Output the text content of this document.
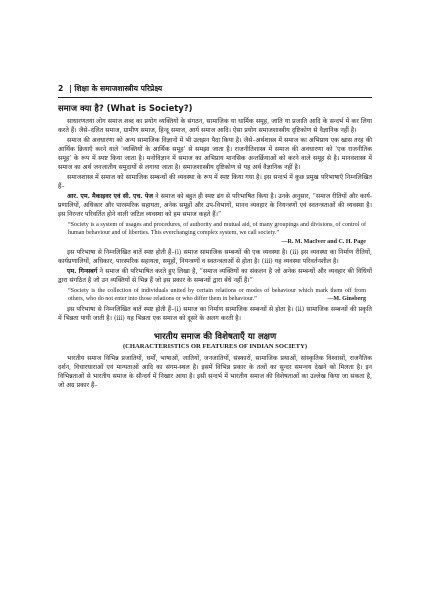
2 | शिक्षा के समाजशास्त्रीय परिप्रेक्ष्य
समाज क्या है? (What is Society?)

साधारणतया लोग समाज शब्द का प्रयोग व्यक्तियों के संगठन, सामाजिक या धार्मिक समूह, जाति या प्रजाति आदि के सन्दर्भ में कर लिया करते हैं। जैसे–दलित समाज, ग्रामीण समाज, हिन्दू समाज, आर्य समाज आदि। ऐसा प्रयोग समाजशास्त्रीय दृष्टिकोण से वैज्ञानिक नहीं है।

समाज की अवधारणा को अन्य सामाजिक विज्ञानों में भी उलझन पैदा किया है। जैसे–अर्थशास्त्र में समाज का अभिप्राय एक खास तरह की आर्थिक क्रियाएँ करने वाले ‘व्यक्तियों के आर्थिक समूह’ से समझा जाता है। राजनीतिशास्त्र में समाज की अवधारणा को ‘एक राजनीतिक समूह’ के रूप में स्पष्ट किया जाता है। मनोविज्ञान में समाज का अभिप्राय मानसिक अन्तर्क्रियाओं को करने वाले समूह से है। मानवशास्त्र में समाज का अर्थ जनजातीय समुदायों से लगाया जाता है। समाजशास्त्रीय दृष्टिकोण से यह अर्थ वैज्ञानिक नहीं है।

समाजशास्त्र में समाज को सामाजिक सम्बन्धों की व्यवस्था के रूप में स्पष्ट किया गया है। इस सन्दर्भ में कुछ प्रमुख परिभाषाएँ निम्नलिखित हैं–

आर. एम. मैकाइवर एवं सी. एच. पेज ने समाज को बहुत ही स्पष्ट ढंग से परिभाषित किया है। उनके अनुसार, “समाज रीतियों और कार्य-प्रणालियों, अधिकार और पारस्परिक सहायता, अनेक समूहों और उप-विभागों, मानव व्यवहार के नियन्त्रणों एवं स्वतन्त्रताओं की व्यवस्था है। इस निरन्तर परिवर्तित होने वाली जटिल व्यवस्था को हम समाज कहते हैं।”

“Society is a system of usages and procedures, of authority and mutual aid, of many groupings and divisions, of control of human behaviour and of liberties. This everchanging complex system, we call society.”
—R. M. MacIver and C. H. Page

इस परिभाषा से निम्नलिखित बातें स्पष्ट होती हैं–(i) समाज सामाजिक सम्बन्धों की एक व्यवस्था है। (ii) इस व्यवस्था का निर्माण रीतियों, कार्यप्रणालियों, अधिकार, पारस्परिक सहायता, समूहों, नियन्त्रणों व स्वतन्त्रताओं से होता है। (iii) यह व्यवस्था परिवर्तनशील है।

एम. गिन्सबर्ग ने समाज की परिभाषित करते हुए लिखा है, “समाज व्यक्तियों का संकलन है जो अनेक सम्बन्धों और व्यवहार की विधियों द्वारा संगठित है जो उन व्यक्तियों से भिन्न हैं जो इस प्रकार के सम्बन्धों द्वारा बँधे नहीं हैं।”

“Society is the collection of individuals united by certain relations or modes of behaviour which mark them off from others, who do not enter into those relations or who differ them in behaviour.”	—M. Ginsberg

इस परिभाषा से निम्नलिखित बातें स्पष्ट होती हैं–(i) समाज का निर्माण सामाजिक सम्बन्धों से होता है। (ii) सामाजिक सम्बन्धों की प्रकृति में भिन्नता पायी जाती है। (iii) यह भिन्नता एक समाज को दूसरे के अलग करती है।

भारतीय समाज की विशेषताएँ या लक्षण
(CHARACTERISTICS OR FEATURES OF INDIAN SOCIETY)

भारतीय समाज विभिन्न प्रजातियों, धर्मों, भाषाओं, जातियों, जनजातियों, संस्कारों, सामाजिक प्रथाओं, सांस्कृतिक विश्वासों, राजनैतिक दर्शन, विचारधाराओं एवं मान्यताओं आदि का संगम-स्थल है। इसमें विभिन्न प्रकार के तत्वों का सुन्दर समन्वय देखने को मिलता है। इन विभिन्नताओं से भारतीय समाज के सौन्दर्य में निखार आया है। इसी सन्दर्भ में भारतीय समाज की विशेषताओं का उल्लेख किया जा सकता है, जो अग्र प्रकार हैं–
